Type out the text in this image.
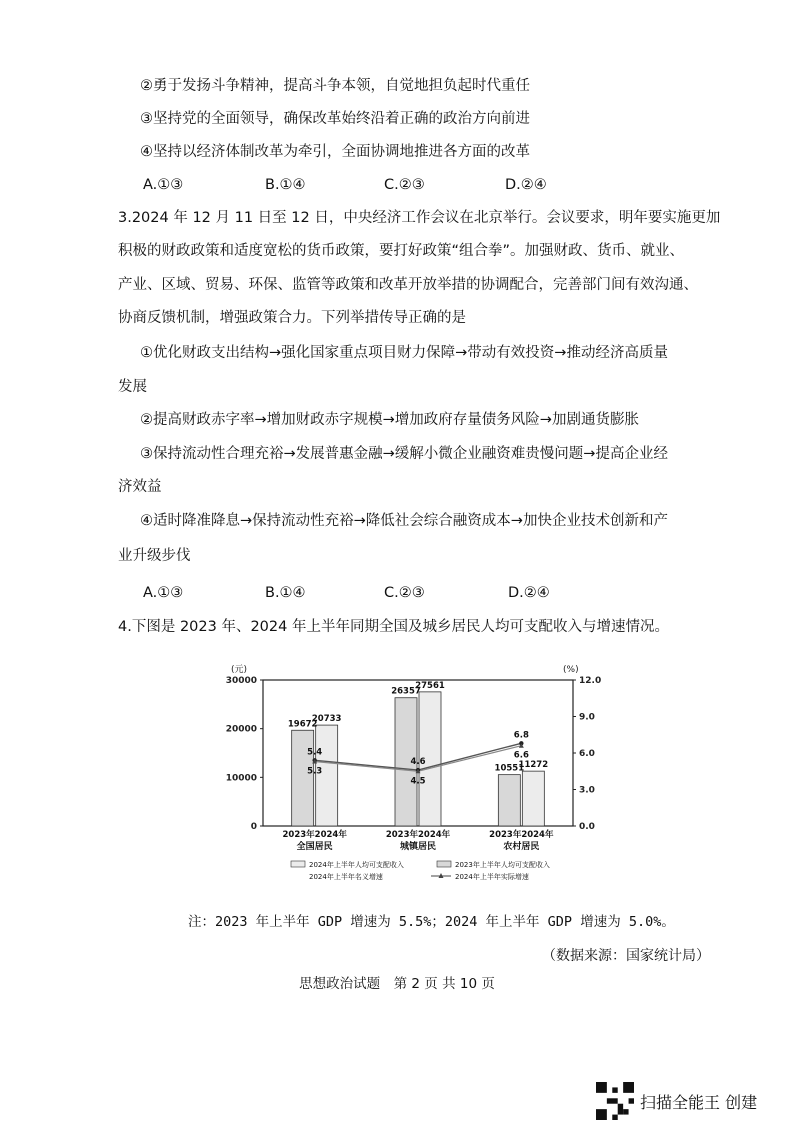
②勇于发扬斗争精神，提高斗争本领，自觉地担负起时代重任
③坚持党的全面领导，确保改革始终沿着正确的政治方向前进
④坚持以经济体制改革为牵引，全面协调地推进各方面的改革
A.①③	B.①④	C.②③	D.②④
3.2024 年 12 月 11 日至 12 日，中央经济工作会议在北京举行。会议要求，明年要实施更加
积极的财政政策和适度宽松的货币政策，要打好政策“组合拳”。加强财政、货币、就业、
产业、区域、贸易、环保、监管等政策和改革开放举措的协调配合，完善部门间有效沟通、
协商反馈机制，增强政策合力。下列举措传导正确的是
①优化财政支出结构→强化国家重点项目财力保障→带动有效投资→推动经济高质量
发展
②提高财政赤字率→增加财政赤字规模→增加政府存量债务风险→加剧通货膨胀
③保持流动性合理充裕→发展普惠金融→缓解小微企业融资难贵慢问题→提高企业经
济效益
④适时降准降息→保持流动性充裕→降低社会综合融资成本→加快企业技术创新和产
业升级步伐
A.①③	B.①④	C.②③	D.②④
4.下图是 2023 年、2024 年上半年同期全国及城乡居民人均可支配收入与增速情况。
(元)	(%)
0
10000
20000
30000
0.0
3.0
6.0
9.0
12.0
19672
20733
2023年2024年
全国居民
5.4
5.3
26357
27561
2023年2024年
城镇居民
4.6
4.5
10551
11272
2023年2024年
农村居民
6.8
6.6
2024年上半年人均可支配收入	2023年上半年人均可支配收入
2024年上半年名义增速	2024年上半年实际增速
注：2023 年上半年 GDP 增速为 5.5%；2024 年上半年 GDP 增速为 5.0%。
（数据来源：国家统计局）
思想政治试题　第 2 页 共 10 页
扫描全能王 创建
